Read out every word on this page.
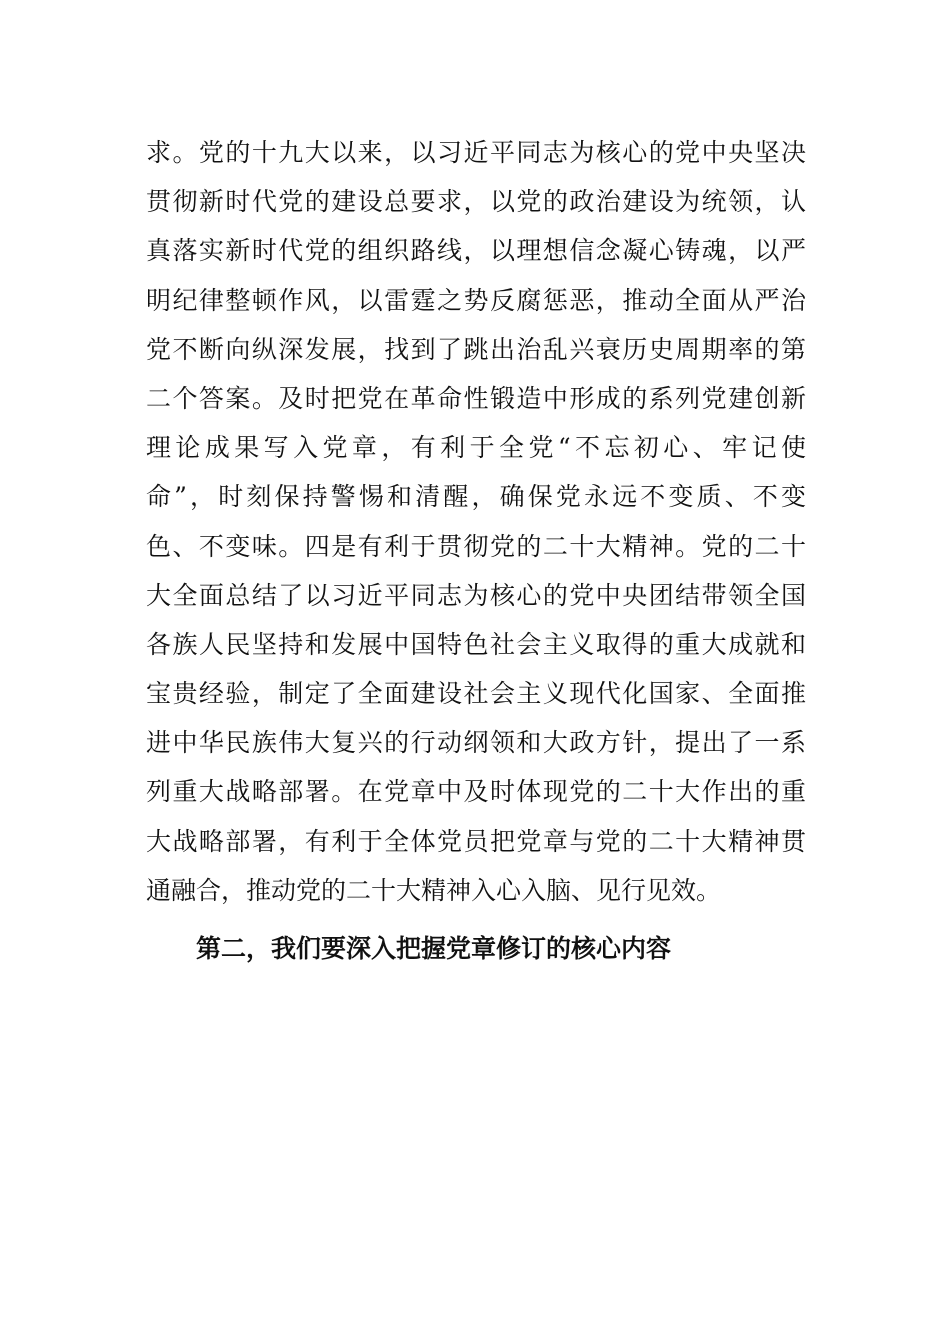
求。党的十九大以来，以习近平同志为核心的党中央坚决
贯彻新时代党的建设总要求，以党的政治建设为统领，认
真落实新时代党的组织路线，以理想信念凝心铸魂，以严
明纪律整顿作风，以雷霆之势反腐惩恶，推动全面从严治
党不断向纵深发展，找到了跳出治乱兴衰历史周期率的第
二个答案。及时把党在革命性锻造中形成的系列党建创新
理论成果写入党章，有利于全党“不忘初心、牢记使
命”，时刻保持警惕和清醒，确保党永远不变质、不变
色、不变味。四是有利于贯彻党的二十大精神。党的二十
大全面总结了以习近平同志为核心的党中央团结带领全国
各族人民坚持和发展中国特色社会主义取得的重大成就和
宝贵经验，制定了全面建设社会主义现代化国家、全面推
进中华民族伟大复兴的行动纲领和大政方针，提出了一系
列重大战略部署。在党章中及时体现党的二十大作出的重
大战略部署，有利于全体党员把党章与党的二十大精神贯
通融合，推动党的二十大精神入心入脑、见行见效。
第二，我们要深入把握党章修订的核心内容
